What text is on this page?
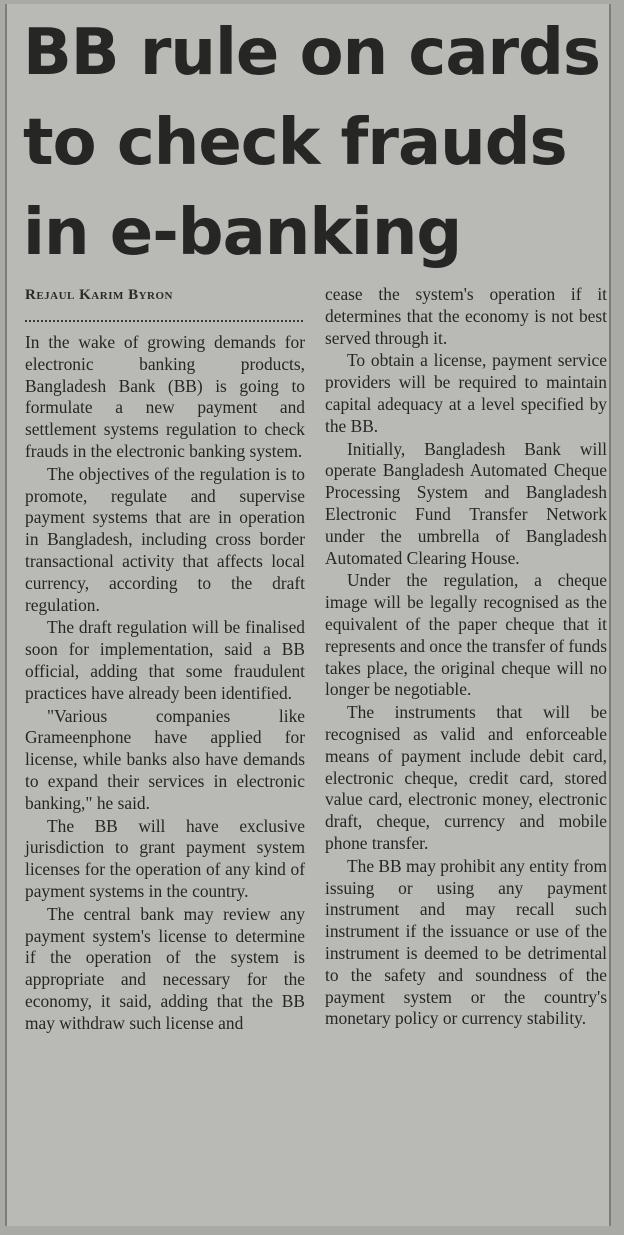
BB rule on cards to check frauds in e-banking
Rejaul Karim Byron

In the wake of growing demands for electronic banking products, Bangladesh Bank (BB) is going to formulate a new payment and settlement systems regulation to check frauds in the electronic banking system.

The objectives of the regulation is to promote, regulate and supervise payment systems that are in operation in Bangladesh, including cross border transactional activity that affects local currency, according to the draft regulation.

The draft regulation will be finalised soon for implementation, said a BB official, adding that some fraudulent practices have already been identified.

"Various companies like Grameenphone have applied for license, while banks also have demands to expand their services in electronic banking," he said.

The BB will have exclusive jurisdiction to grant payment system licenses for the operation of any kind of payment systems in the country.

The central bank may review any payment system's license to determine if the operation of the system is appropriate and necessary for the economy, it said, adding that the BB may withdraw such license and

cease the system's operation if it determines that the economy is not best served through it.

To obtain a license, payment service providers will be required to maintain capital adequacy at a level specified by the BB.

Initially, Bangladesh Bank will operate Bangladesh Automated Cheque Processing System and Bangladesh Electronic Fund Transfer Network under the umbrella of Bangladesh Automated Clearing House.

Under the regulation, a cheque image will be legally recognised as the equivalent of the paper cheque that it represents and once the transfer of funds takes place, the original cheque will no longer be negotiable.

The instruments that will be recognised as valid and enforceable means of payment include debit card, electronic cheque, credit card, stored value card, electronic money, electronic draft, cheque, currency and mobile phone transfer.

The BB may prohibit any entity from issuing or using any payment instrument and may recall such instrument if the issuance or use of the instrument is deemed to be detrimental to the safety and soundness of the payment system or the country's monetary policy or currency stability.
